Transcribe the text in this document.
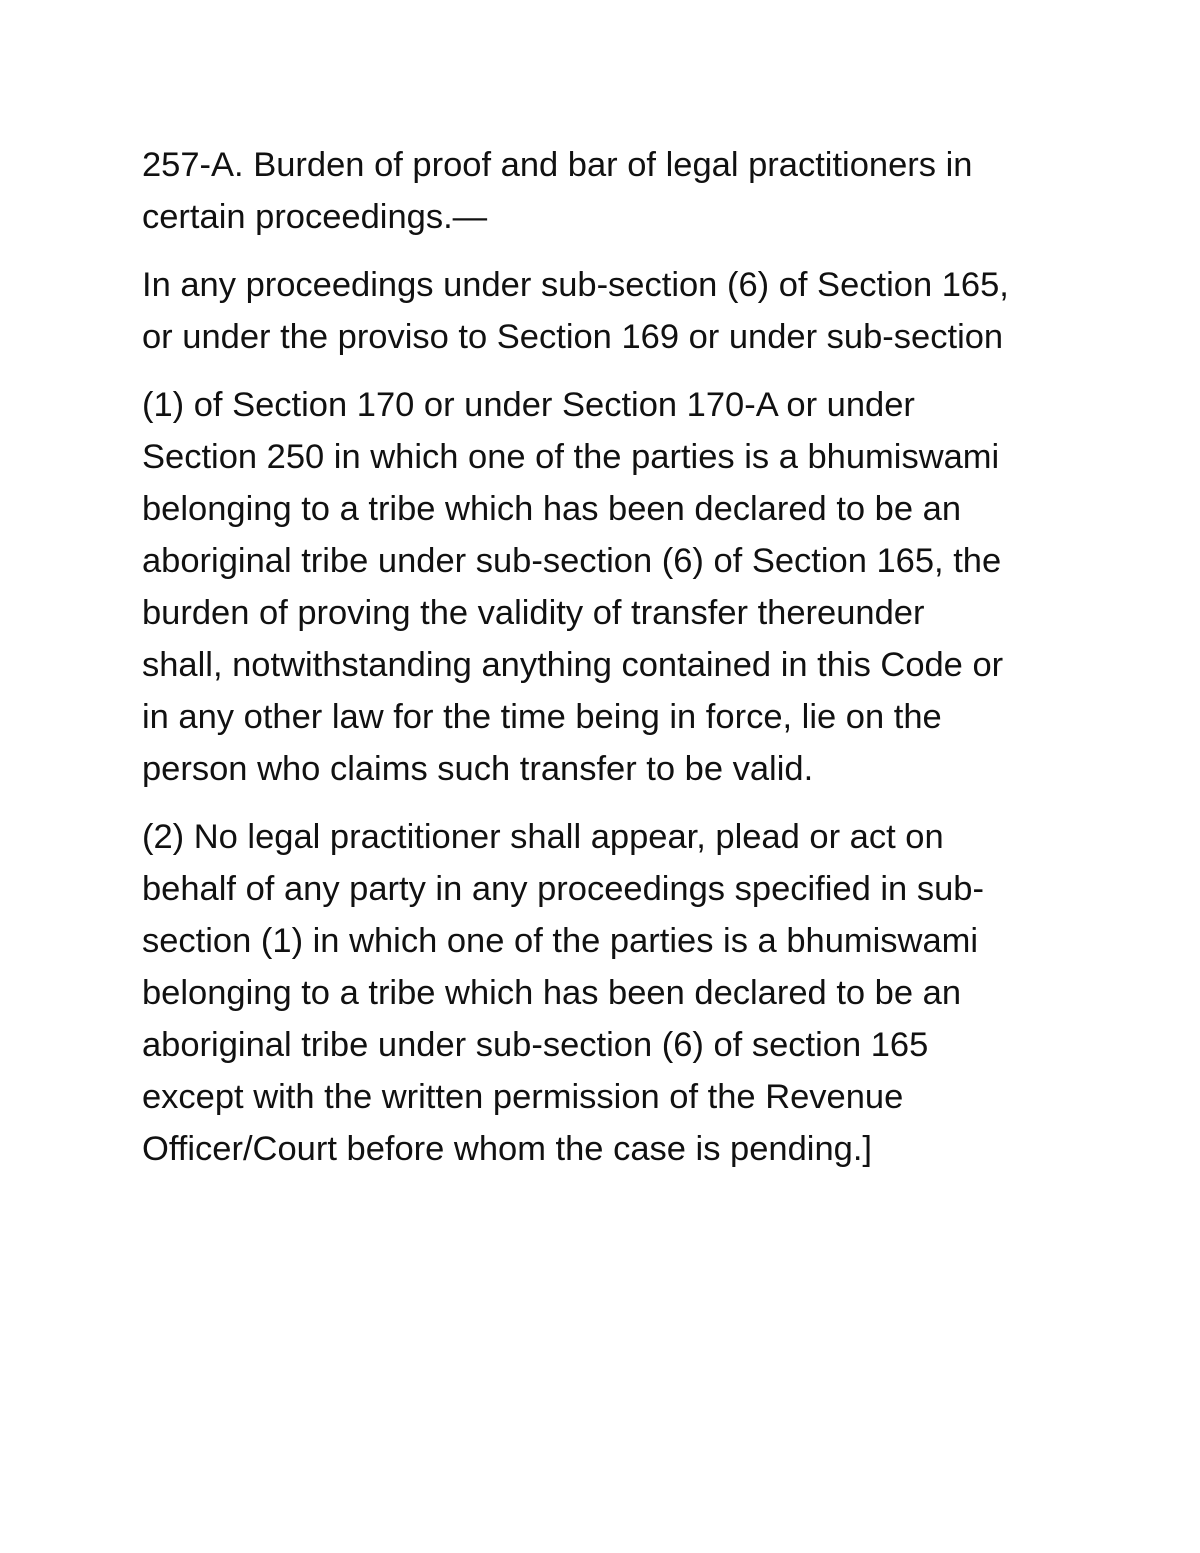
257-A. Burden of proof and bar of legal practitioners in
certain proceedings.—

In any proceedings under sub-section (6) of Section 165,
or under the proviso to Section 169 or under sub-section

(1) of Section 170 or under Section 170-A or under
Section 250 in which one of the parties is a bhumiswami
belonging to a tribe which has been declared to be an
aboriginal tribe under sub-section (6) of Section 165, the
burden of proving the validity of transfer thereunder
shall, notwithstanding anything contained in this Code or
in any other law for the time being in force, lie on the
person who claims such transfer to be valid.

(2) No legal practitioner shall appear, plead or act on
behalf of any party in any proceedings specified in sub-
section (1) in which one of the parties is a bhumiswami
belonging to a tribe which has been declared to be an
aboriginal tribe under sub-section (6) of section 165
except with the written permission of the Revenue
Officer/Court before whom the case is pending.]
